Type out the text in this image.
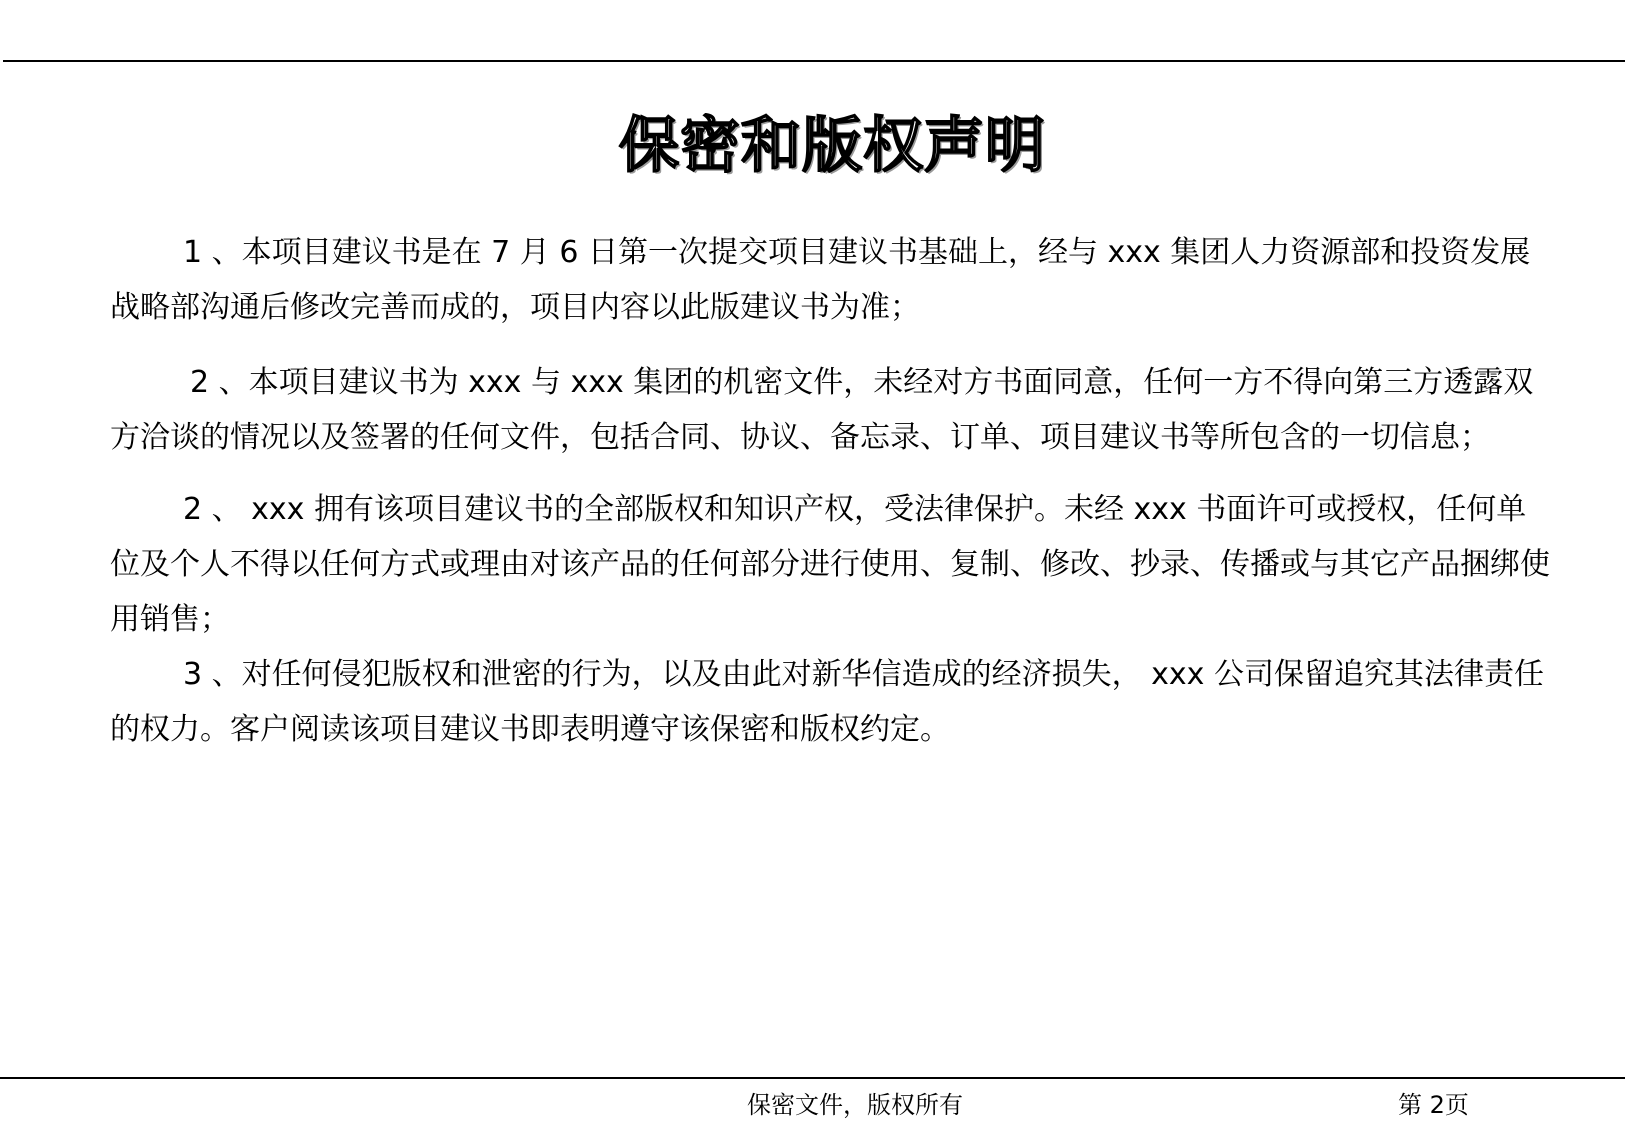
保密和版权声明

1 、本项目建议书是在 7 月 6 日第一次提交项目建议书基础上，经与 xxx 集团人力资源部和投资发展战略部沟通后修改完善而成的，项目内容以此版建议书为准；

2 、本项目建议书为 xxx 与 xxx 集团的机密文件，未经对方书面同意，任何一方不得向第三方透露双方洽谈的情况以及签署的任何文件，包括合同、协议、备忘录、订单、项目建议书等所包含的一切信息；

2 、 xxx 拥有该项目建议书的全部版权和知识产权，受法律保护。未经 xxx 书面许可或授权，任何单位及个人不得以任何方式或理由对该产品的任何部分进行使用、复制、修改、抄录、传播或与其它产品捆绑使用销售；

3 、对任何侵犯版权和泄密的行为，以及由此对新华信造成的经济损失， xxx 公司保留追究其法律责任的权力。客户阅读该项目建议书即表明遵守该保密和版权约定。

保密文件，版权所有	第 2页
